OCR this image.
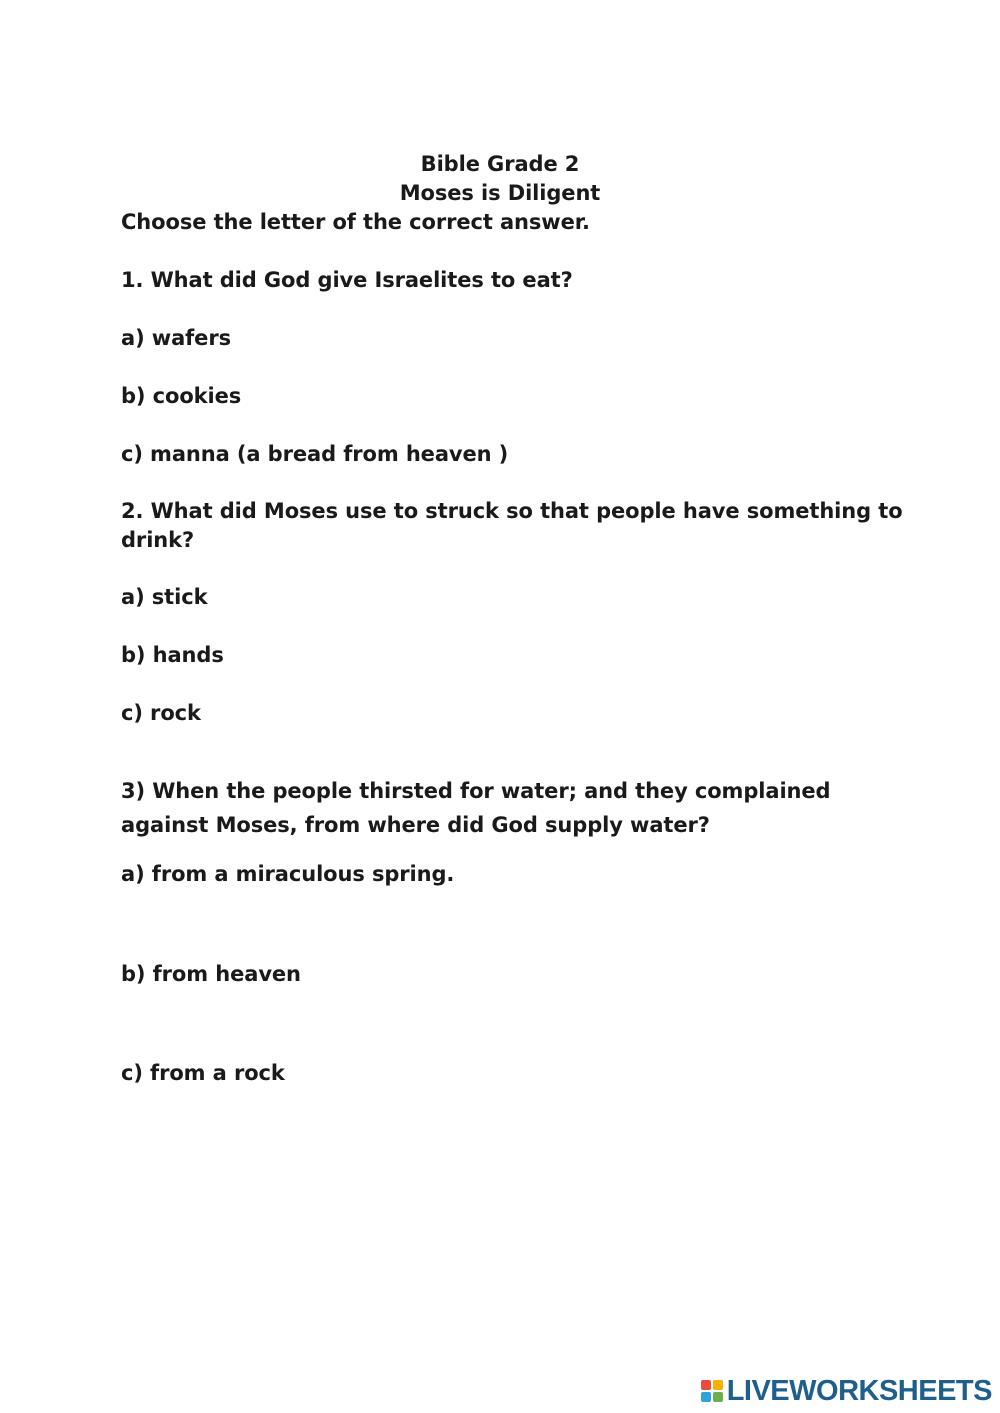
Bible Grade 2
Moses is Diligent
Choose the letter of the correct answer.
1. What did God give Israelites to eat?
a) wafers
b) cookies
c) manna (a bread from heaven )
2. What did Moses use to struck so that people have something to
drink?
a) stick
b) hands
c) rock
3) When the people thirsted for water; and they complained
against Moses, from where did God supply water?
a) from a miraculous spring.
b) from heaven
c) from a rock
LIVEWORKSHEETS
